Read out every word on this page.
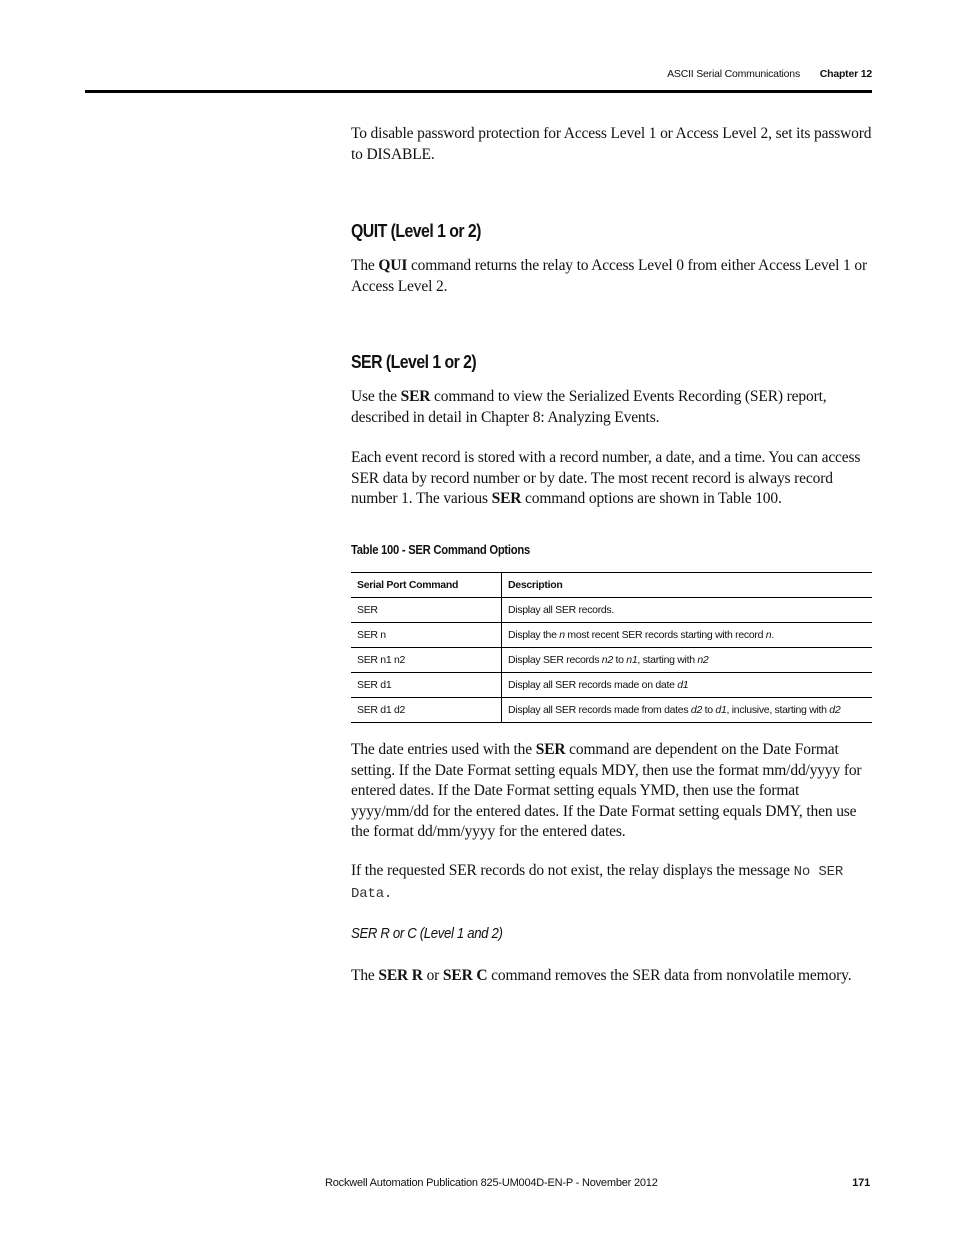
ASCII Serial Communications Chapter 12

To disable password protection for Access Level 1 or Access Level 2, set its password to DISABLE.

QUIT (Level 1 or 2)

The QUI command returns the relay to Access Level 0 from either Access Level 1 or Access Level 2.

SER (Level 1 or 2)

Use the SER command to view the Serialized Events Recording (SER) report, described in detail in Chapter 8: Analyzing Events.

Each event record is stored with a record number, a date, and a time. You can access SER data by record number or by date. The most recent record is always record number 1. The various SER command options are shown in Table 100.

Table 100 - SER Command Options
Serial Port Command	Description
SER	Display all SER records.
SER n	Display the n most recent SER records starting with record n.
SER n1 n2	Display SER records n2 to n1, starting with n2
SER d1	Display all SER records made on date d1
SER d1 d2	Display all SER records made from dates d2 to d1, inclusive, starting with d2

The date entries used with the SER command are dependent on the Date Format setting. If the Date Format setting equals MDY, then use the format mm/dd/yyyy for entered dates. If the Date Format setting equals YMD, then use the format yyyy/mm/dd for the entered dates. If the Date Format setting equals DMY, then use the format dd/mm/yyyy for the entered dates.

If the requested SER records do not exist, the relay displays the message No SER Data.

SER R or C (Level 1 and 2)

The SER R or SER C command removes the SER data from nonvolatile memory.

Rockwell Automation Publication 825-UM004D-EN-P - November 2012	171
